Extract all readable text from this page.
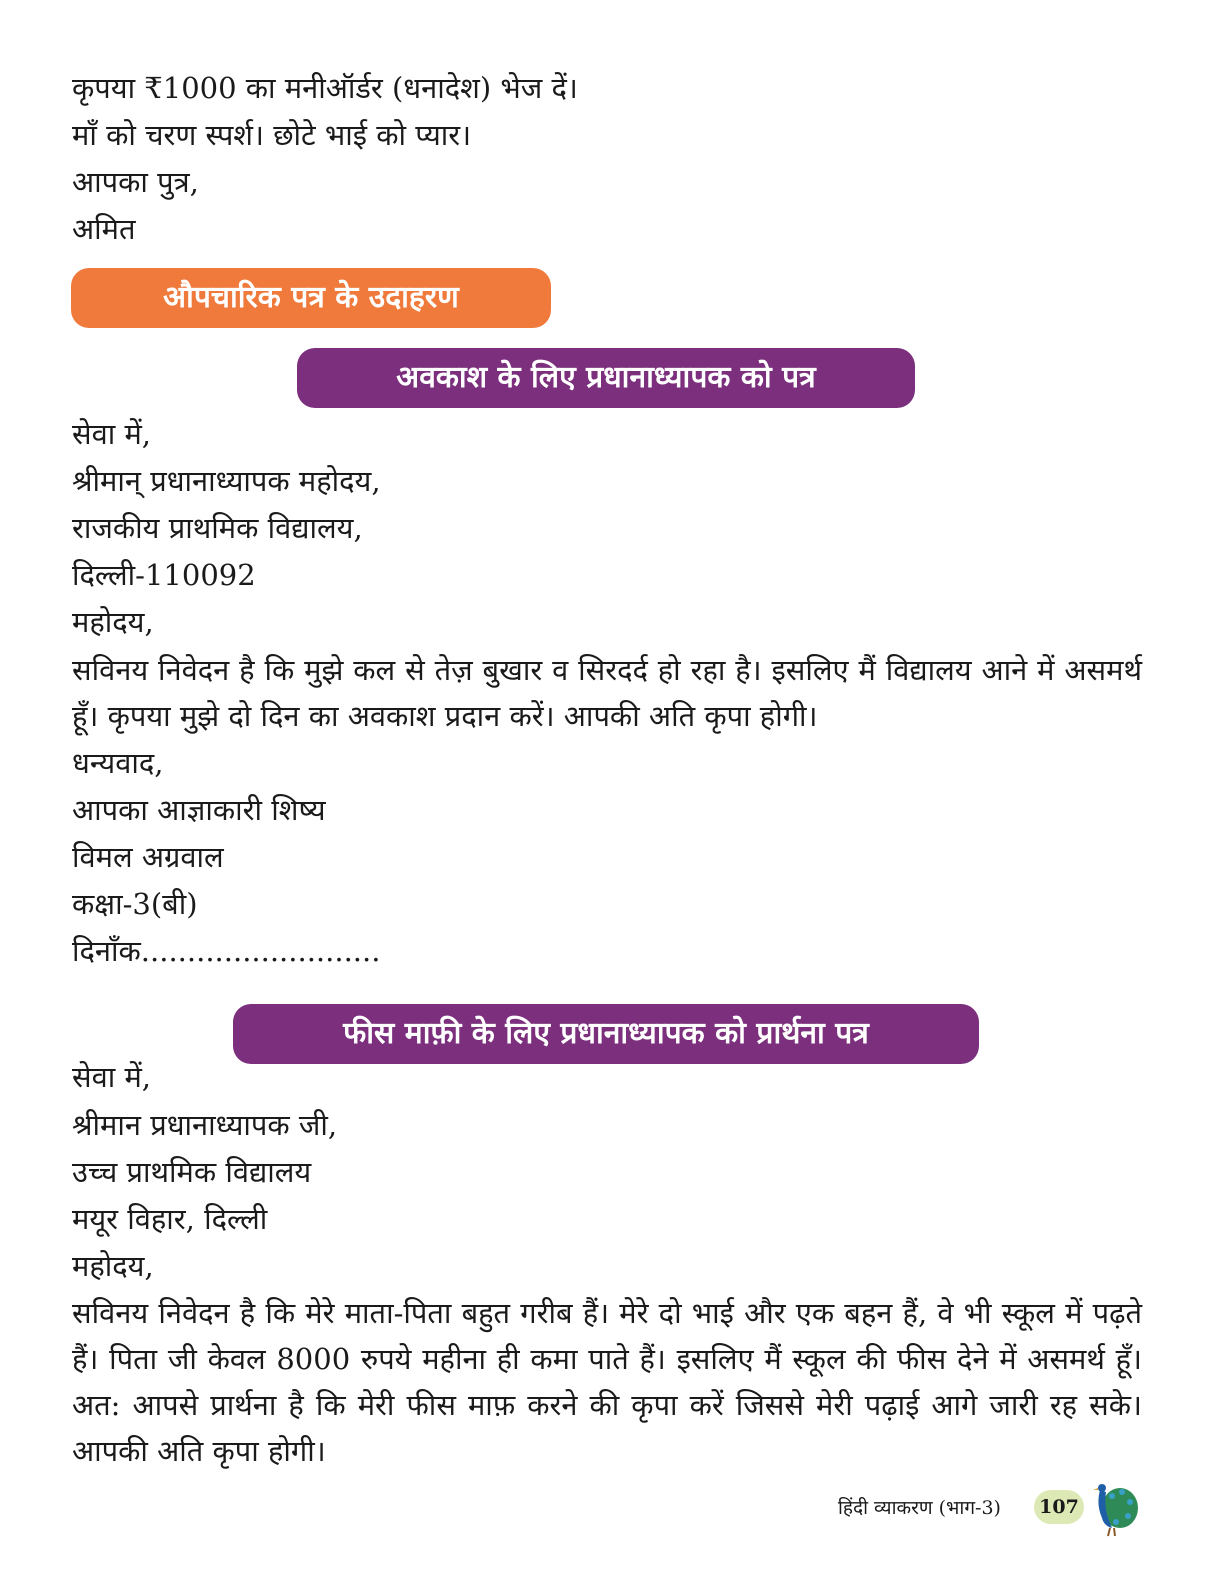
कृपया ₹1000 का मनीऑर्डर (धनादेश) भेज दें।
माँ को चरण स्पर्श। छोटे भाई को प्यार।
आपका पुत्र,
अमित
औपचारिक पत्र के उदाहरण
अवकाश के लिए प्रधानाध्यापक को पत्र
सेवा में,
श्रीमान् प्रधानाध्यापक महोदय,
राजकीय प्राथमिक विद्यालय,
दिल्ली-110092
महोदय,
सविनय निवेदन है कि मुझे कल से तेज़ बुखार व सिरदर्द हो रहा है। इसलिए मैं विद्यालय आने में असमर्थ हूँ। कृपया मुझे दो दिन का अवकाश प्रदान करें। आपकी अति कृपा होगी।
धन्यवाद,
आपका आज्ञाकारी शिष्य
विमल अग्रवाल
कक्षा-3(बी)
दिनाँक..........................
फीस माफ़ी के लिए प्रधानाध्यापक को प्रार्थना पत्र
सेवा में,
श्रीमान प्रधानाध्यापक जी,
उच्च प्राथमिक विद्यालय
मयूर विहार, दिल्ली
महोदय,
सविनय निवेदन है कि मेरे माता-पिता बहुत गरीब हैं। मेरे दो भाई और एक बहन हैं, वे भी स्कूल में पढ़ते हैं। पिता जी केवल 8000 रुपये महीना ही कमा पाते हैं। इसलिए मैं स्कूल की फीस देने में असमर्थ हूँ। अत: आपसे प्रार्थना है कि मेरी फीस माफ़ करने की कृपा करें जिससे मेरी पढ़ाई आगे जारी रह सके। आपकी अति कृपा होगी।
हिंदी व्याकरण (भाग-3) 107
